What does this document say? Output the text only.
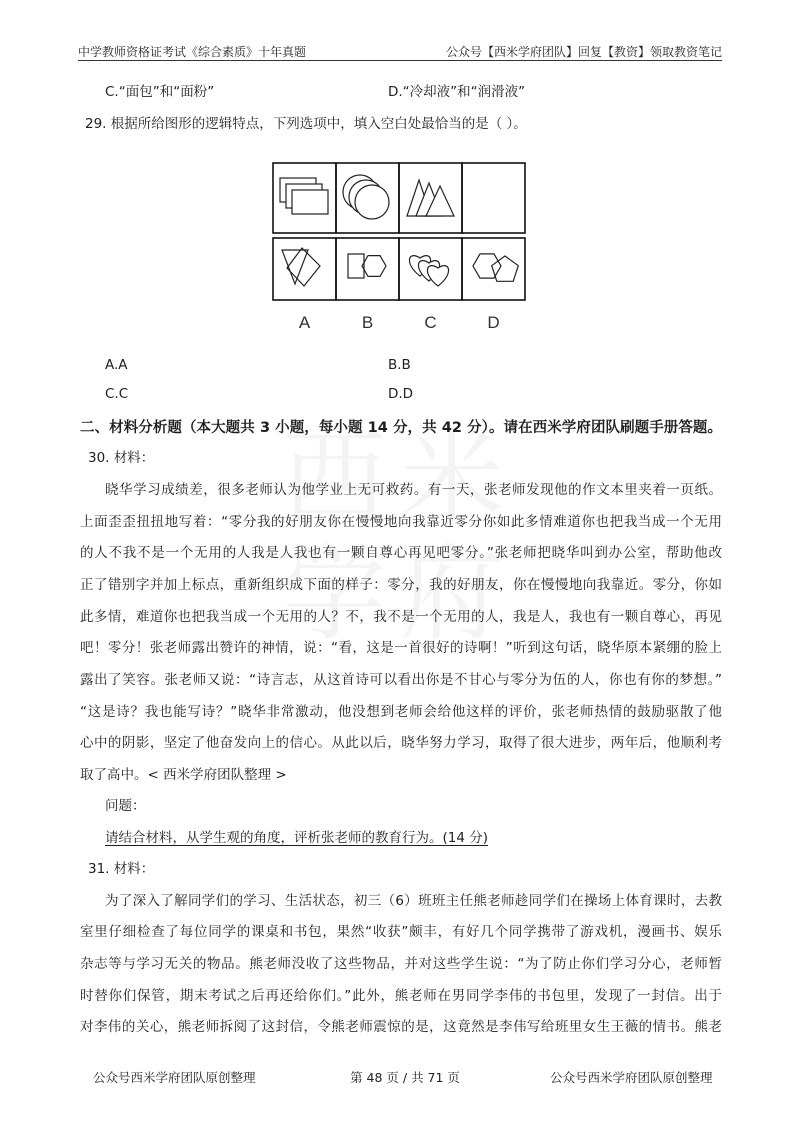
中学教师资格证考试《综合素质》十年真题	公众号【西米学府团队】回复【教资】领取教资笔记
C.“面包”和“面粉”	D.“冷却液”和“润滑液”
29. 根据所给图形的逻辑特点，下列选项中，填入空白处最恰当的是（ ）。
A	B	C	D
A.A	B.B
C.C	D.D
二、材料分析题（本大题共 3 小题，每小题 14 分，共 42 分）。请在西米学府团队刷题手册答题。
30. 材料：
晓华学习成绩差，很多老师认为他学业上无可救药。有一天，张老师发现他的作文本里夹着一页纸。
上面歪歪扭扭地写着：“零分我的好朋友你在慢慢地向我靠近零分你如此多情难道你也把我当成一个无用
的人不我不是一个无用的人我是人我也有一颗自尊心再见吧零分。”张老师把晓华叫到办公室，帮助他改
正了错别字并加上标点，重新组织成下面的样子：零分，我的好朋友，你在慢慢地向我靠近。零分，你如
此多情，难道你也把我当成一个无用的人？不，我不是一个无用的人，我是人，我也有一颗自尊心，再见
吧！零分！张老师露出赞许的神情，说：“看，这是一首很好的诗啊！”听到这句话，晓华原本紧绷的脸上
露出了笑容。张老师又说：“诗言志，从这首诗可以看出你是不甘心与零分为伍的人，你也有你的梦想。”
“这是诗？我也能写诗？”晓华非常激动，他没想到老师会给他这样的评价，张老师热情的鼓励驱散了他
心中的阴影，坚定了他奋发向上的信心。从此以后，晓华努力学习，取得了很大进步，两年后，他顺利考
取了高中。< 西米学府团队整理 >
问题：
请结合材料，从学生观的角度，评析张老师的教育行为。(14 分)
31. 材料：
为了深入了解同学们的学习、生活状态，初三（6）班班主任熊老师趁同学们在操场上体育课时，去教
室里仔细检查了每位同学的课桌和书包，果然“收获”颇丰，有好几个同学携带了游戏机，漫画书、娱乐
杂志等与学习无关的物品。熊老师没收了这些物品，并对这些学生说：“为了防止你们学习分心，老师暂
时替你们保管，期末考试之后再还给你们。”此外，熊老师在男同学李伟的书包里，发现了一封信。出于
对李伟的关心，熊老师拆阅了这封信，令熊老师震惊的是，这竟然是李伟写给班里女生王薇的情书。熊老
公众号西米学府团队原创整理	第 48 页 / 共 71 页	公众号西米学府团队原创整理
